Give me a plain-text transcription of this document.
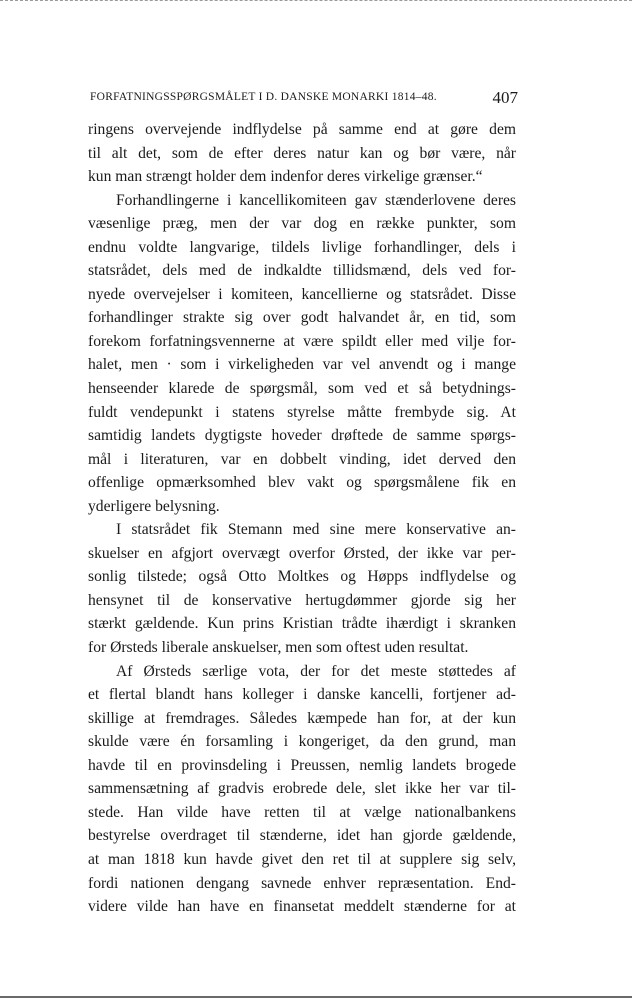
FORFATNINGSSPØRGSMÅLET I D. DANSKE MONARKI 1814–48.	407
ringens overvejende indflydelse på samme end at gøre dem
til alt det, som de efter deres natur kan og bør være, når
kun man strængt holder dem indenfor deres virkelige grænser.“
Forhandlingerne i kancellikomiteen gav stænderlovene deres
væsenlige præg, men der var dog en række punkter, som
endnu voldte langvarige, tildels livlige forhandlinger, dels i
statsrådet, dels med de indkaldte tillidsmænd, dels ved for-
nyede overvejelser i komiteen, kancellierne og statsrådet. Disse
forhandlinger strakte sig over godt halvandet år, en tid, som
forekom forfatningsvennerne at være spildt eller med vilje for-
halet, men · som i virkeligheden var vel anvendt og i mange
henseender klarede de spørgsmål, som ved et så betydnings-
fuldt vendepunkt i statens styrelse måtte frembyde sig. At
samtidig landets dygtigste hoveder drøftede de samme spørgs-
mål i literaturen, var en dobbelt vinding, idet derved den
offenlige opmærksomhed blev vakt og spørgsmålene fik en
yderligere belysning.
I statsrådet fik Stemann med sine mere konservative an-
skuelser en afgjort overvægt overfor Ørsted, der ikke var per-
sonlig tilstede; også Otto Moltkes og Høpps indflydelse og
hensynet til de konservative hertugdømmer gjorde sig her
stærkt gældende. Kun prins Kristian trådte ihærdigt i skranken
for Ørsteds liberale anskuelser, men som oftest uden resultat.
Af Ørsteds særlige vota, der for det meste støttedes af
et flertal blandt hans kolleger i danske kancelli, fortjener ad-
skillige at fremdrages. Således kæmpede han for, at der kun
skulde være én forsamling i kongeriget, da den grund, man
havde til en provinsdeling i Preussen, nemlig landets brogede
sammensætning af gradvis erobrede dele, slet ikke her var til-
stede. Han vilde have retten til at vælge nationalbankens
bestyrelse overdraget til stænderne, idet han gjorde gældende,
at man 1818 kun havde givet den ret til at supplere sig selv,
fordi nationen dengang savnede enhver repræsentation. End-
videre vilde han have en finansetat meddelt stænderne for at
